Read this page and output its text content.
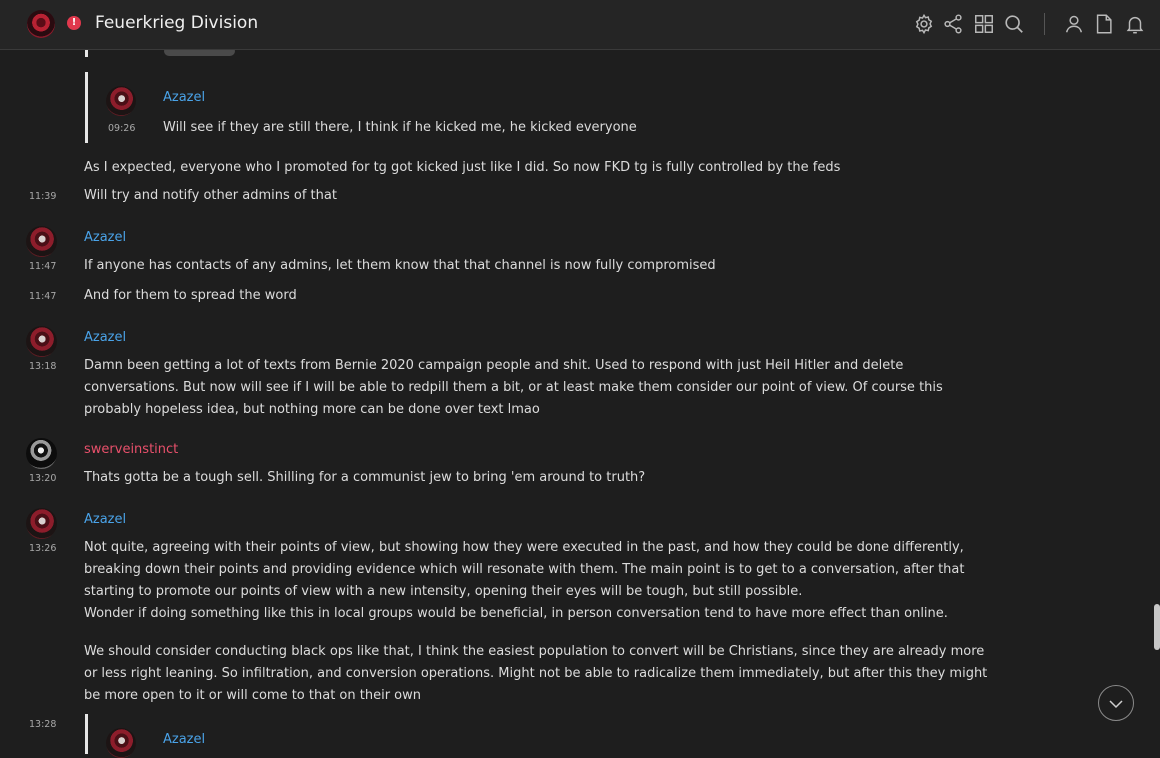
! Feuerkrieg Division
Azazel
09:26 Will see if they are still there, I think if he kicked me, he kicked everyone
As I expected, everyone who I promoted for tg got kicked just like I did. So now FKD tg is fully controlled by the feds
11:39 Will try and notify other admins of that
Azazel
11:47 If anyone has contacts of any admins, let them know that that channel is now fully compromised
11:47 And for them to spread the word
Azazel
13:18 Damn been getting a lot of texts from Bernie 2020 campaign people and shit. Used to respond with just Heil Hitler and delete conversations. But now will see if I will be able to redpill them a bit, or at least make them consider our point of view. Of course this probably hopeless idea, but nothing more can be done over text lmao
swerveinstinct
13:20 Thats gotta be a tough sell. Shilling for a communist jew to bring 'em around to truth?
Azazel
13:26 Not quite, agreeing with their points of view, but showing how they were executed in the past, and how they could be done differently, breaking down their points and providing evidence which will resonate with them. The main point is to get to a conversation, after that starting to promote our points of view with a new intensity, opening their eyes will be tough, but still possible.
Wonder if doing something like this in local groups would be beneficial, in person conversation tend to have more effect than online.
We should consider conducting black ops like that, I think the easiest population to convert will be Christians, since they are already more or less right leaning. So infiltration, and conversion operations. Might not be able to radicalize them immediately, but after this they might be more open to it or will come to that on their own
13:28
Azazel
